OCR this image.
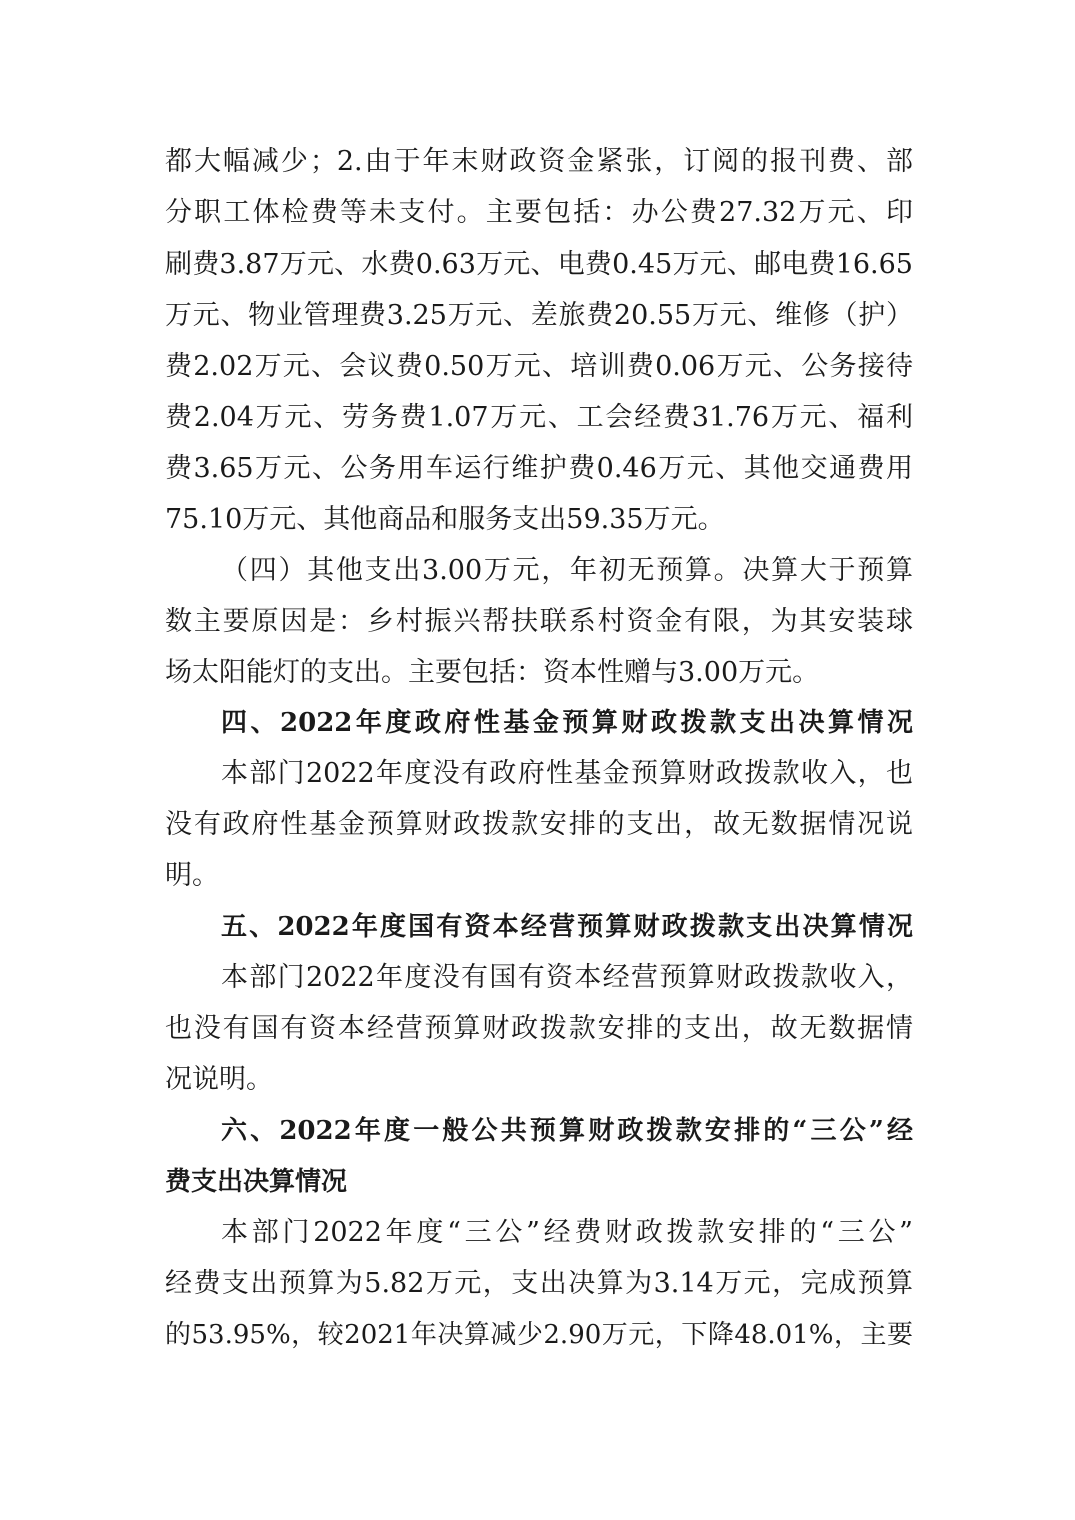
都大幅减少；2.由于年末财政资金紧张，订阅的报刊费、部
分职工体检费等未支付。主要包括：办公费27.32万元、印
刷费3.87万元、水费0.63万元、电费0.45万元、邮电费16.65
万元、物业管理费3.25万元、差旅费20.55万元、维修（护）
费2.02万元、会议费0.50万元、培训费0.06万元、公务接待
费2.04万元、劳务费1.07万元、工会经费31.76万元、福利
费3.65万元、公务用车运行维护费0.46万元、其他交通费用
75.10万元、其他商品和服务支出59.35万元。
（四）其他支出3.00万元，年初无预算。决算大于预算
数主要原因是：乡村振兴帮扶联系村资金有限，为其安装球
场太阳能灯的支出。主要包括：资本性赠与3.00万元。
四、2022年度政府性基金预算财政拨款支出决算情况
本部门2022年度没有政府性基金预算财政拨款收入，也
没有政府性基金预算财政拨款安排的支出，故无数据情况说
明。
五、2022年度国有资本经营预算财政拨款支出决算情况
本部门2022年度没有国有资本经营预算财政拨款收入，
也没有国有资本经营预算财政拨款安排的支出，故无数据情
况说明。
六、2022年度一般公共预算财政拨款安排的“三公”经
费支出决算情况
本部门2022年度“三公”经费财政拨款安排的“三公”
经费支出预算为5.82万元，支出决算为3.14万元，完成预算
的53.95%，较2021年决算减少2.90万元，下降48.01%，主要
